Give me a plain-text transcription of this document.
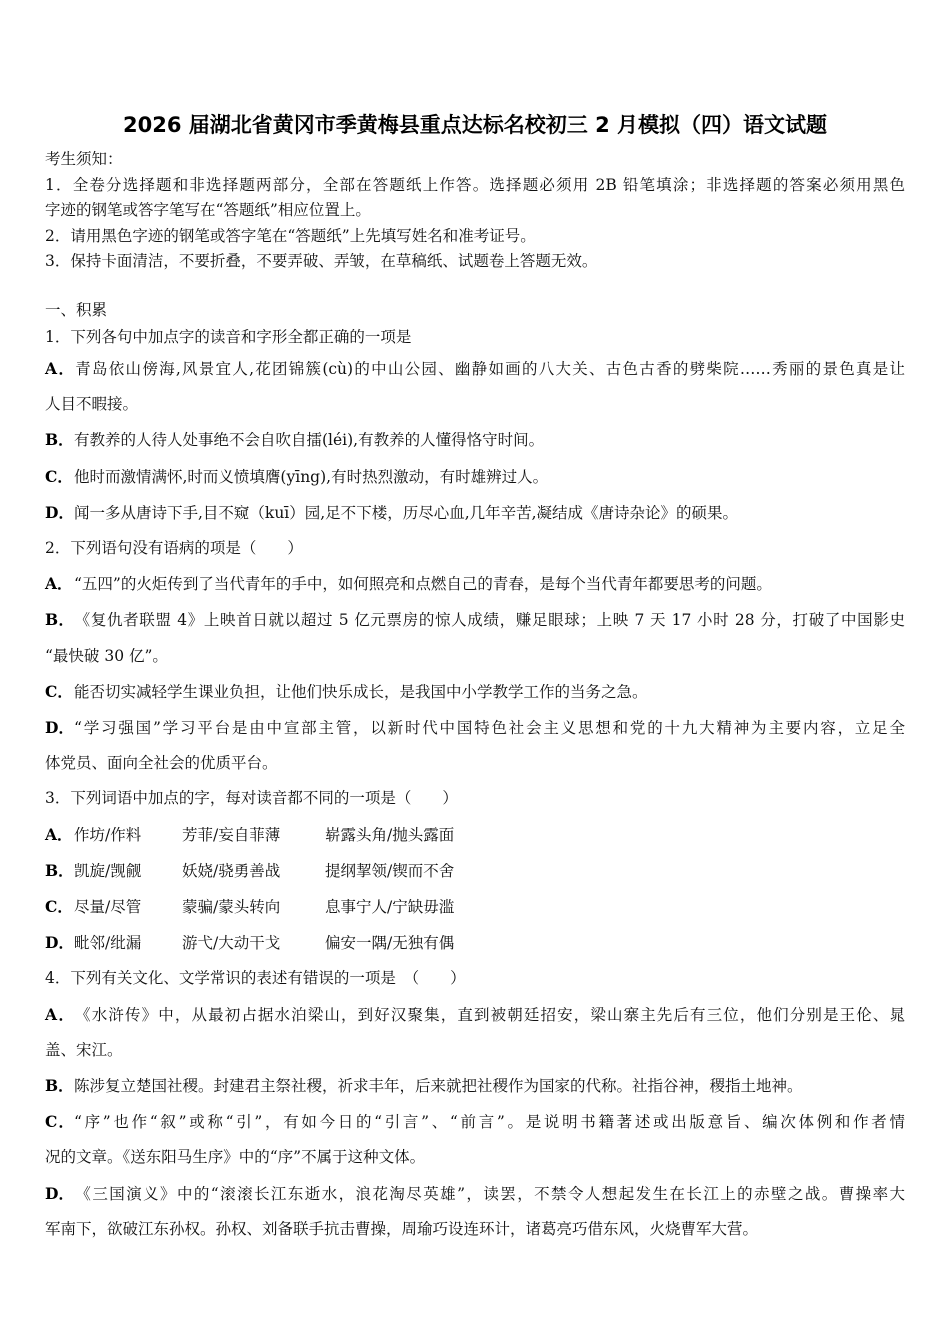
2026 届湖北省黄冈市季黄梅县重点达标名校初三 2 月模拟（四）语文试题
考生须知：
1．全卷分选择题和非选择题两部分，全部在答题纸上作答。选择题必须用 2B 铅笔填涂；非选择题的答案必须用黑色
字迹的钢笔或答字笔写在“答题纸”相应位置上。
2．请用黑色字迹的钢笔或答字笔在“答题纸”上先填写姓名和准考证号。
3．保持卡面清洁，不要折叠，不要弄破、弄皱，在草稿纸、试题卷上答题无效。
一、积累
1．下列各句中加点字的读音和字形全都正确的一项是
A．青岛依山傍海,风景宜人,花团锦簇(cù)的中山公园、幽静如画的八大关、古色古香的劈柴院……秀丽的景色真是让
人目不暇接。
B．有教养的人待人处事绝不会自吹自擂(léi),有教养的人懂得恪守时间。
C．他时而激情满怀,时而义愤填膺(yīng),有时热烈激动，有时雄辨过人。
D．闻一多从唐诗下手,目不窥（kuī）园,足不下楼，历尽心血,几年辛苦,凝结成《唐诗杂论》的硕果。
2．下列语句没有语病的项是（　　）
A．“五四”的火炬传到了当代青年的手中，如何照亮和点燃自己的青春，是每个当代青年都要思考的问题。
B．《复仇者联盟 4》上映首日就以超过 5 亿元票房的惊人成绩，赚足眼球；上映 7 天 17 小时 28 分，打破了中国影史
“最快破 30 亿”。
C．能否切实减轻学生课业负担，让他们快乐成长，是我国中小学教学工作的当务之急。
D．“学习强国”学习平台是由中宣部主管，以新时代中国特色社会主义思想和党的十九大精神为主要内容，立足全
体党员、面向全社会的优质平台。
3．下列词语中加点的字，每对读音都不同的一项是（　　）
A．作坊/作料	芳菲/妄自菲薄	崭露头角/抛头露面
B．凯旋/觊觎	妖娆/骁勇善战	提纲挈领/锲而不舍
C．尽量/尽管	蒙骗/蒙头转向	息事宁人/宁缺毋滥
D．毗邻/纰漏	游弋/大动干戈	偏安一隅/无独有偶
4．下列有关文化、文学常识的表述有错误的一项是　（　　）
A．《水浒传》中，从最初占据水泊梁山，到好汉聚集，直到被朝廷招安，梁山寨主先后有三位，他们分别是王伦、晁
盖、宋江。
B．陈涉复立楚国社稷。封建君主祭社稷，祈求丰年，后来就把社稷作为国家的代称。社指谷神，稷指土地神。
C．“序”也作“叙”或称“引”，有如今日的“引言”、“前言”。是说明书籍著述或出版意旨、编次体例和作者情
况的文章。《送东阳马生序》中的“序”不属于这种文体。
D．《三国演义》中的“滚滚长江东逝水，浪花淘尽英雄”，读罢，不禁令人想起发生在长江上的赤壁之战。曹操率大
军南下，欲破江东孙权。孙权、刘备联手抗击曹操，周瑜巧设连环计，诸葛亮巧借东风，火烧曹军大营。
